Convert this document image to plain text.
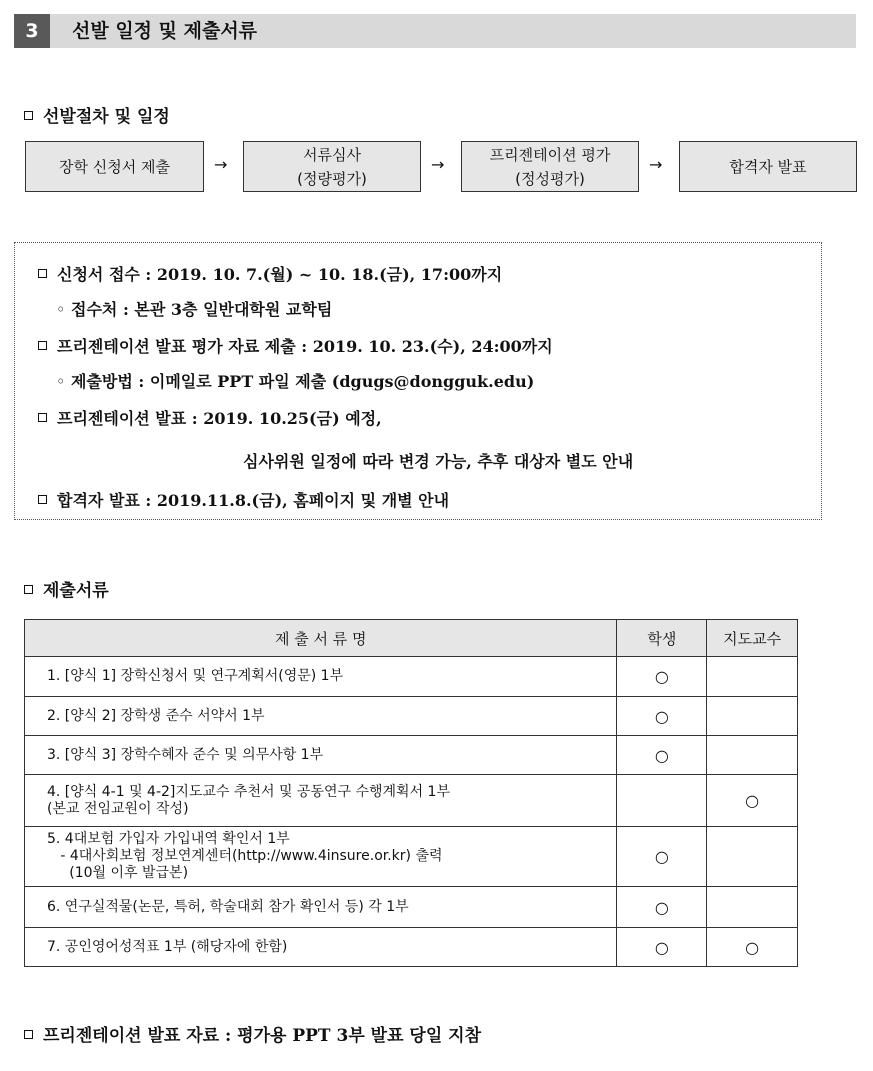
3	선발 일정 및 제출서류
선발절차 및 일정
장학 신청서 제출	→
서류심사
(정량평가)
→
프리젠테이션 평가
(정성평가)
→	합격자 발표
신청서 접수 : 2019. 10. 7.(월) ~ 10. 18.(금), 17:00까지
◦ 접수처 : 본관 3층 일반대학원 교학팀
프리젠테이션 발표 평가 자료 제출 : 2019. 10. 23.(수), 24:00까지
◦ 제출방법 : 이메일로 PPT 파일 제출 (dgugs@dongguk.edu)
프리젠테이션 발표 : 2019. 10.25(금) 예정,
심사위원 일정에 따라 변경 가능, 추후 대상자 별도 안내
합격자 발표 : 2019.11.8.(금), 홈페이지 및 개별 안내
제출서류
제 출 서 류 명	학생	지도교수
1. [양식 1] 장학신청서 및 연구계획서(영문) 1부	○	
2. [양식 2] 장학생 준수 서약서 1부	○	
3. [양식 3] 장학수혜자 준수 및 의무사항 1부	○	
4. [양식 4-1 및 4-2]지도교수 추천서 및 공동연구 수행계획서 1부
(본교 전임교원이 작성)		○
5. 4대보험 가입자 가입내역 확인서 1부
- 4대사회보험 정보연계센터(http://www.4insure.or.kr) 출력
(10월 이후 발급본)	○	
6. 연구실적물(논문, 특허, 학술대회 참가 확인서 등) 각 1부	○	
7. 공인영어성적표 1부 (해당자에 한함)	○	○
프리젠테이션 발표 자료 : 평가용 PPT 3부 발표 당일 지참
